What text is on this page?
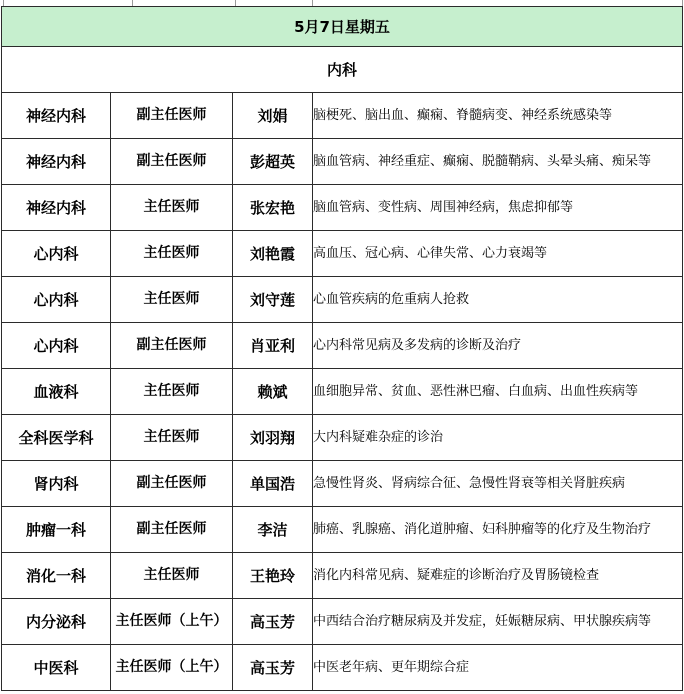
5月7日星期五			
内科			
神经内科	副主任医师	刘娟	脑梗死、脑出血、癫痫、脊髓病变、神经系统感染等
神经内科	副主任医师	彭超英	脑血管病、神经重症、癫痫、脱髓鞘病、头晕头痛、痴呆等
神经内科	主任医师	张宏艳	脑血管病、变性病、周围神经病，焦虑抑郁等
心内科	主任医师	刘艳霞	高血压、冠心病、心律失常、心力衰竭等
心内科	主任医师	刘守莲	心血管疾病的危重病人抢救
心内科	副主任医师	肖亚利	心内科常见病及多发病的诊断及治疗
血液科	主任医师	赖斌	血细胞异常、贫血、恶性淋巴瘤、白血病、出血性疾病等
全科医学科	主任医师	刘羽翔	大内科疑难杂症的诊治
肾内科	副主任医师	单国浩	急慢性肾炎、肾病综合征、急慢性肾衰等相关肾脏疾病
肿瘤一科	副主任医师	李洁	肺癌、乳腺癌、消化道肿瘤、妇科肿瘤等的化疗及生物治疗
消化一科	主任医师	王艳玲	消化内科常见病、疑难症的诊断治疗及胃肠镜检查
内分泌科	主任医师（上午）	高玉芳	中西结合治疗糖尿病及并发症，妊娠糖尿病、甲状腺疾病等
中医科	主任医师（上午）	高玉芳	中医老年病、更年期综合症
